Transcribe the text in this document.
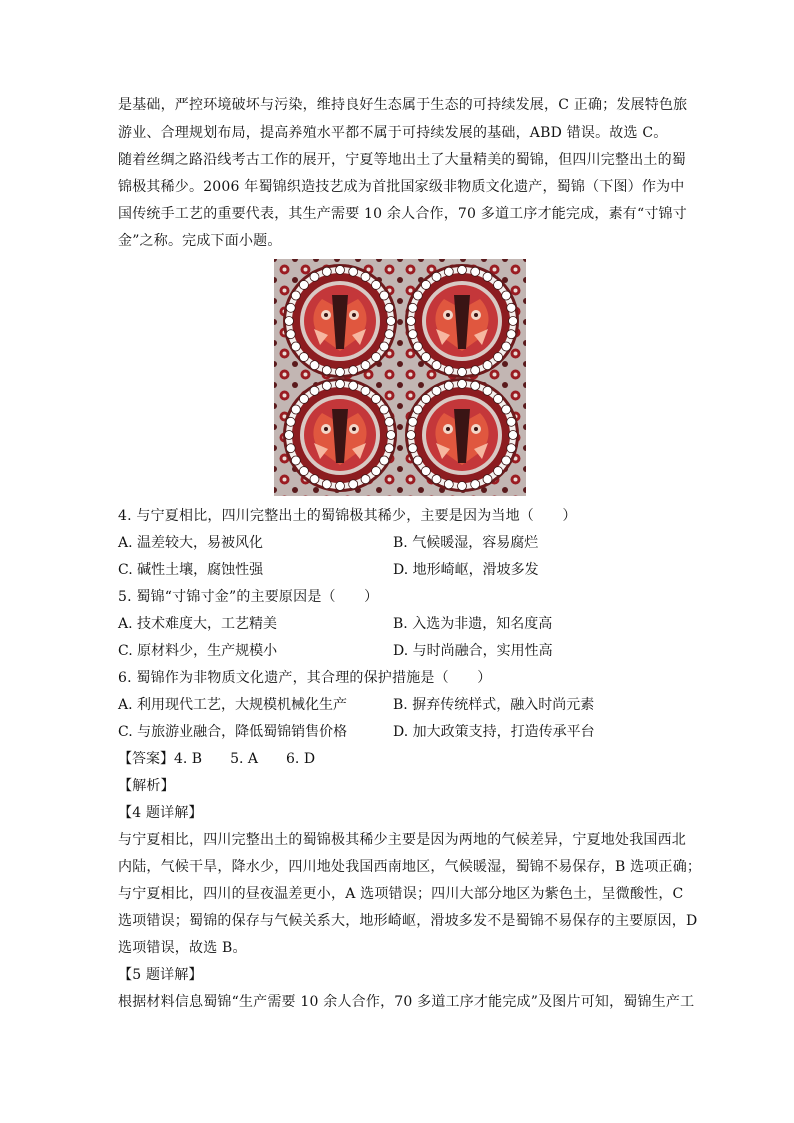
是基础，严控环境破坏与污染，维持良好生态属于生态的可持续发展，C 正确；发展特色旅
游业、合理规划布局，提高养殖水平都不属于可持续发展的基础，ABD 错误。故选 C。
随着丝绸之路沿线考古工作的展开，宁夏等地出土了大量精美的蜀锦，但四川完整出土的蜀
锦极其稀少。2006 年蜀锦织造技艺成为首批国家级非物质文化遗产，蜀锦（下图）作为中
国传统手工艺的重要代表，其生产需要 10 余人合作，70 多道工序才能完成，素有“寸锦寸
金”之称。完成下面小题。
4. 与宁夏相比，四川完整出土的蜀锦极其稀少，主要是因为当地（　　）
A. 温差较大，易被风化	B. 气候暖湿，容易腐烂
C. 碱性土壤，腐蚀性强	D. 地形崎岖，滑坡多发
5. 蜀锦“寸锦寸金”的主要原因是（　　）
A. 技术难度大，工艺精美	B. 入选为非遗，知名度高
C. 原材料少，生产规模小	D. 与时尚融合，实用性高
6. 蜀锦作为非物质文化遗产，其合理的保护措施是（　　）
A. 利用现代工艺，大规模机械化生产	B. 摒弃传统样式，融入时尚元素
C. 与旅游业融合，降低蜀锦销售价格	D. 加大政策支持，打造传承平台
【答案】4. B　　5. A　　6. D
【解析】
【4 题详解】
与宁夏相比，四川完整出土的蜀锦极其稀少主要是因为两地的气候差异，宁夏地处我国西北
内陆，气候干旱，降水少，四川地处我国西南地区，气候暖湿，蜀锦不易保存，B 选项正确；
与宁夏相比，四川的昼夜温差更小，A 选项错误；四川大部分地区为紫色土，呈微酸性，C
选项错误；蜀锦的保存与气候关系大，地形崎岖，滑坡多发不是蜀锦不易保存的主要原因，D
选项错误，故选 B。
【5 题详解】
根据材料信息蜀锦“生产需要 10 余人合作，70 多道工序才能完成”及图片可知，蜀锦生产工
